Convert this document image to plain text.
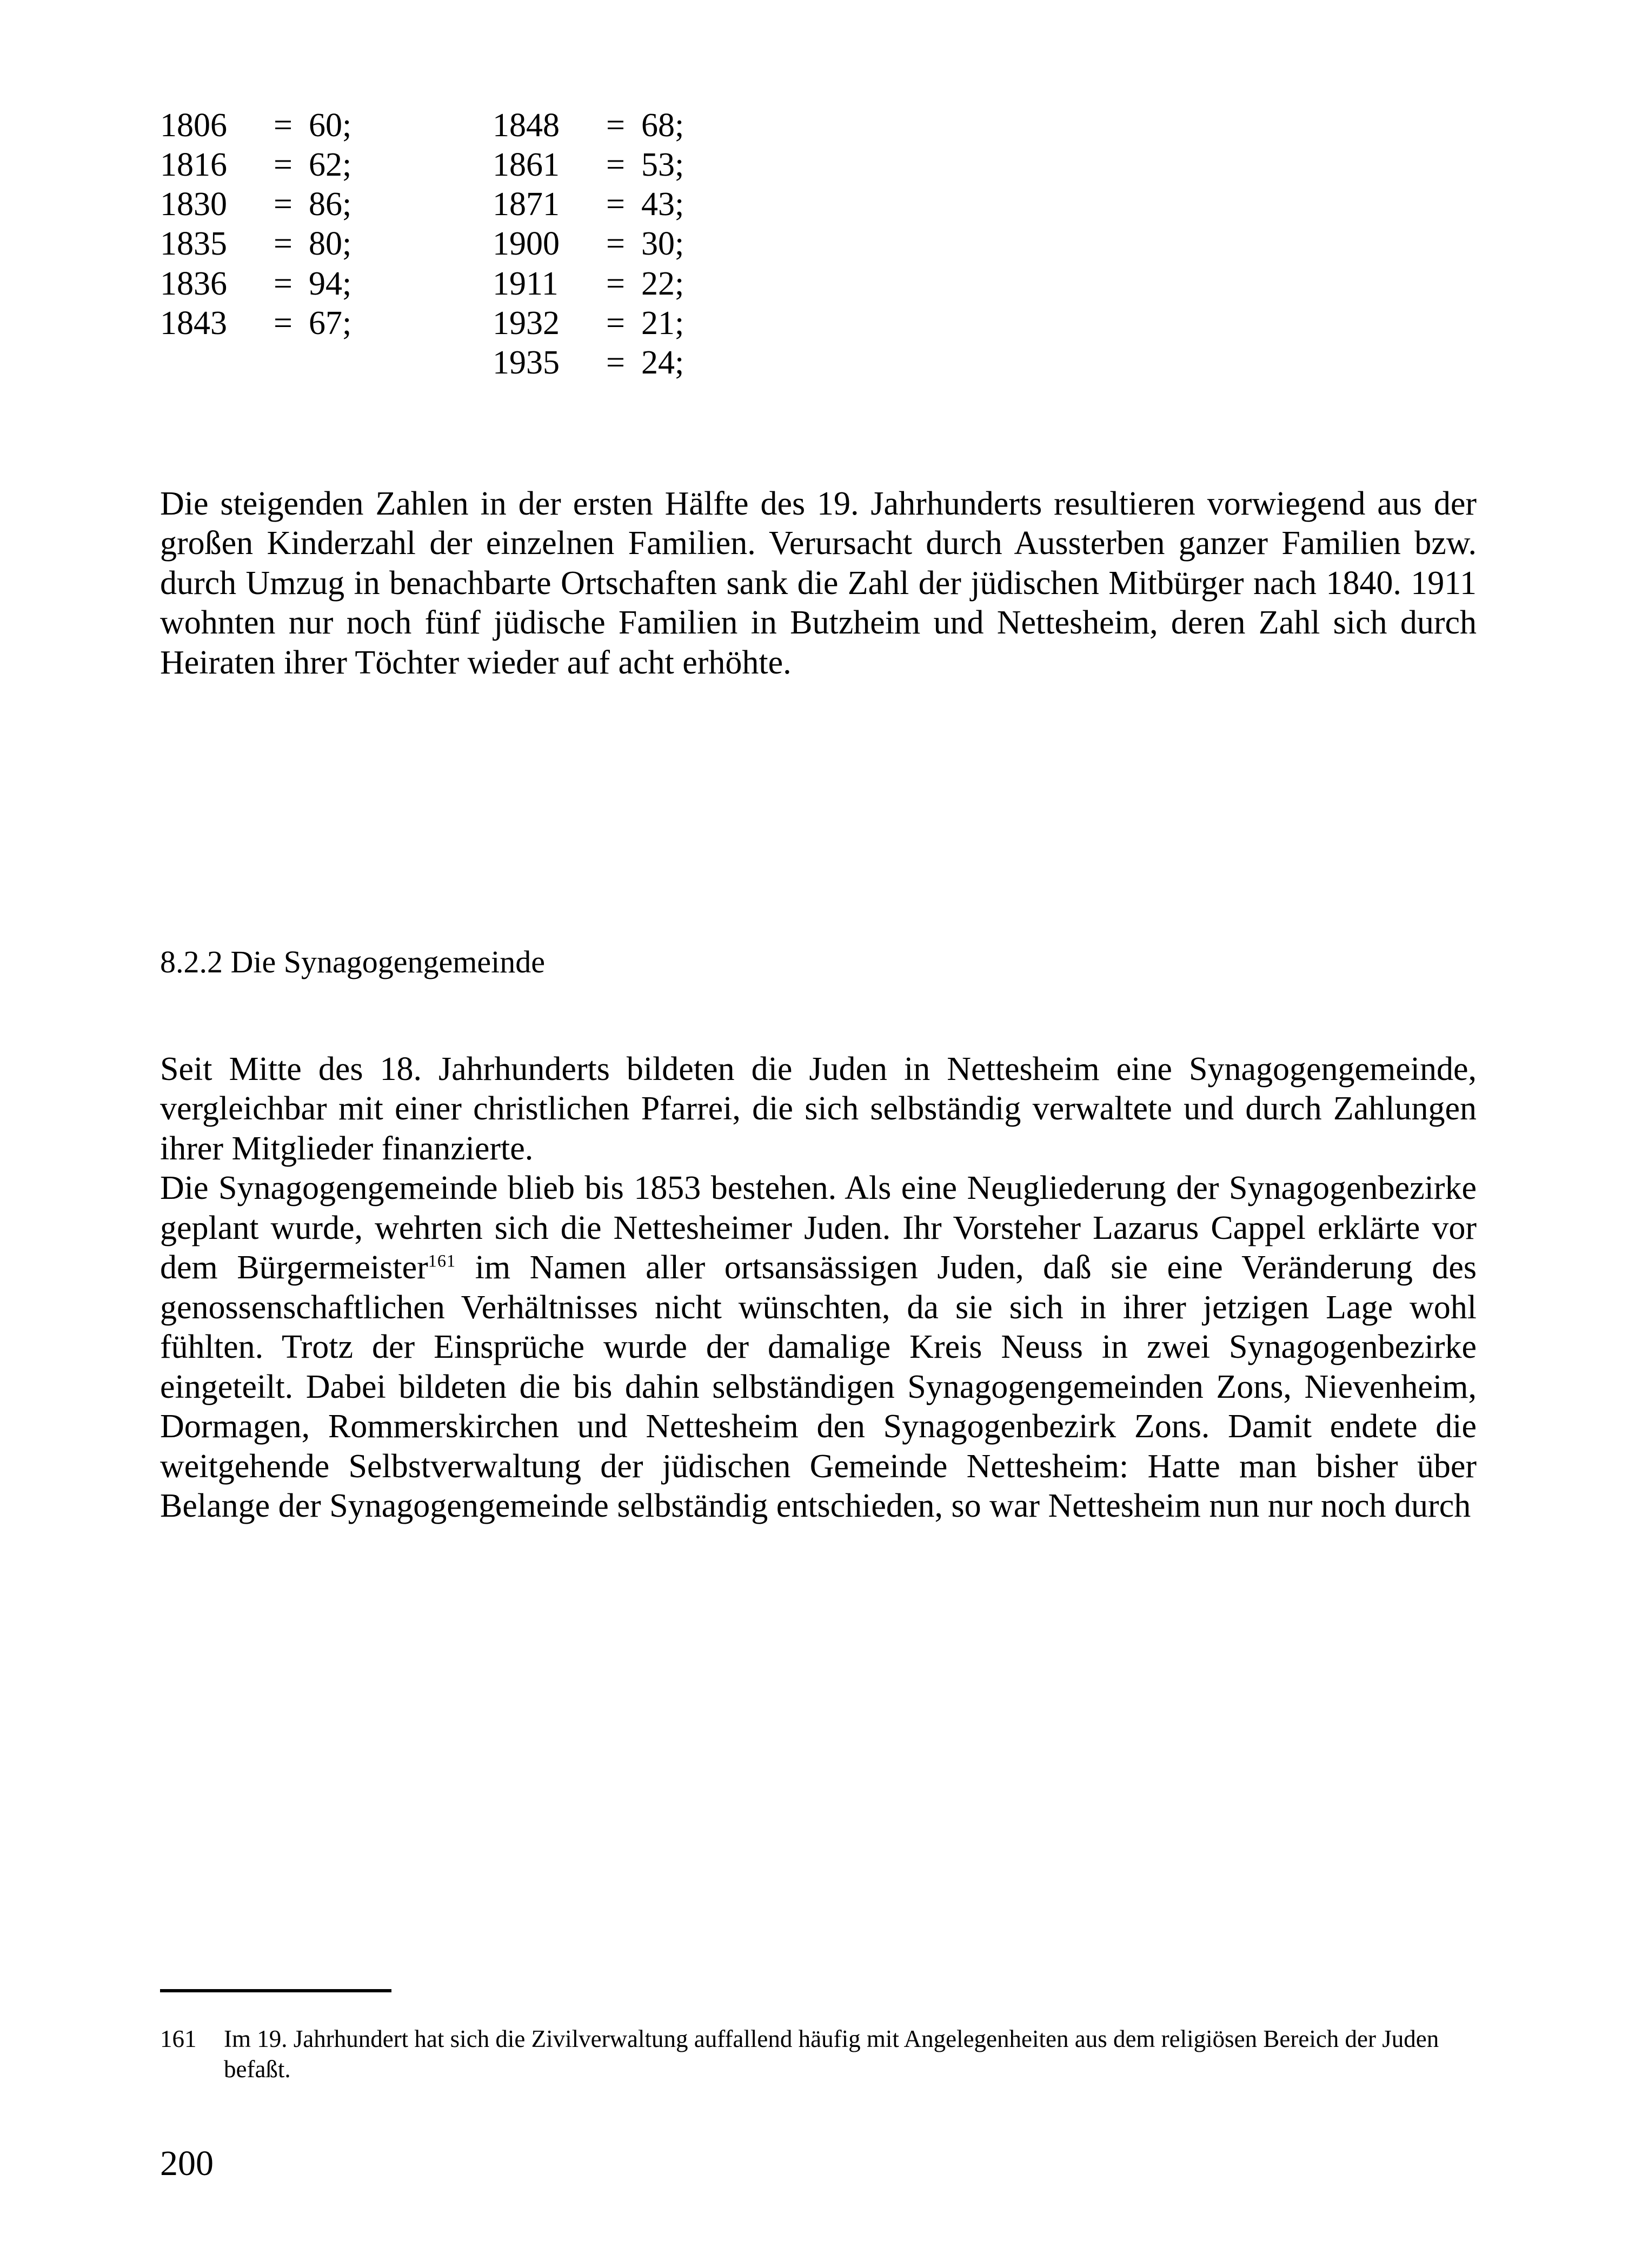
1806	=	60;	1848	=	68;
1816	=	62;	1861	=	53;
1830	=	86;	1871	=	43;
1835	=	80;	1900	=	30;
1836	=	94;	1911	=	22;
1843	=	67;	1932	=	21;
			1935	=	24;

Die steigenden Zahlen in der ersten Hälfte des 19. Jahrhunderts resultieren vorwiegend aus der großen Kinderzahl der einzelnen Familien. Verursacht durch Aussterben ganzer Familien bzw. durch Umzug in benachbarte Ortschaften sank die Zahl der jüdischen Mitbürger nach 1840. 1911 wohnten nur noch fünf jüdische Familien in Butzheim und Nettesheim, deren Zahl sich durch Heiraten ihrer Töchter wieder auf acht erhöhte.

8.2.2 Die Synagogengemeinde

Seit Mitte des 18. Jahrhunderts bildeten die Juden in Nettesheim eine Synagogengemeinde, vergleichbar mit einer christlichen Pfarrei, die sich selbständig verwaltete und durch Zahlungen ihrer Mitglieder finanzierte.

Die Synagogengemeinde blieb bis 1853 bestehen. Als eine Neugliederung der Synagogenbezirke geplant wurde, wehrten sich die Nettesheimer Juden. Ihr Vorsteher Lazarus Cappel erklärte vor dem Bürgermeister$^{161}$ im Namen aller ortsansässigen Juden, daß sie eine Veränderung des genossenschaftlichen Verhältnisses nicht wünschten, da sie sich in ihrer jetzigen Lage wohl fühlten. Trotz der Einsprüche wurde der damalige Kreis Neuss in zwei Synagogenbezirke eingeteilt. Dabei bildeten die bis dahin selbständigen Synagogengemeinden Zons, Nievenheim, Dormagen, Rommerskirchen und Nettesheim den Synagogenbezirk Zons. Damit endete die weitgehende Selbstverwaltung der jüdischen Gemeinde Nettesheim: Hatte man bisher über Belange der Synagogengemeinde selbständig entschieden, so war Nettesheim nun nur noch durch

161	Im 19. Jahrhundert hat sich die Zivilverwaltung auffallend häufig mit Angelegenheiten aus dem religiösen Bereich der Juden befaßt.
200
